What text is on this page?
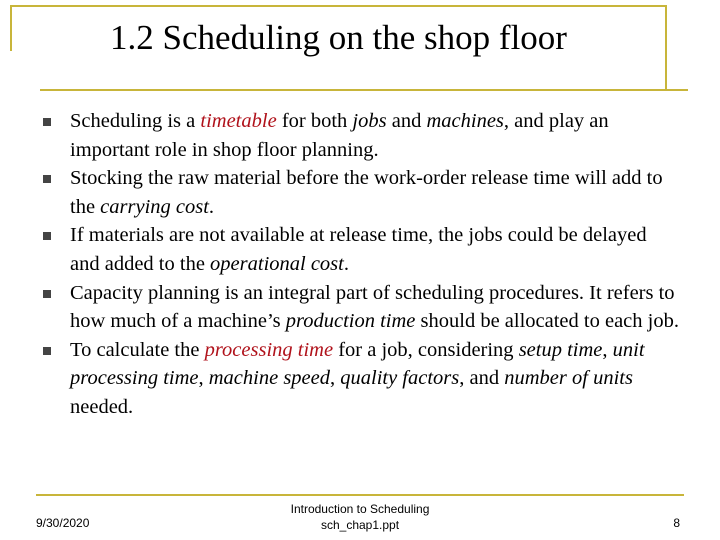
1.2 Scheduling on the shop floor
Scheduling is a timetable for both jobs and machines, and play an important role in shop floor planning.
Stocking the raw material before the work-order release time will add to the carrying cost.
If materials are not available at release time, the jobs could be delayed and added to the operational cost.
Capacity planning is an integral part of scheduling procedures. It refers to how much of a machine’s production time should be allocated to each job.
To calculate the processing time for a job, considering setup time, unit processing time, machine speed, quality factors, and number of units needed.
9/30/2020
Introduction to Scheduling
sch_chap1.ppt	8
